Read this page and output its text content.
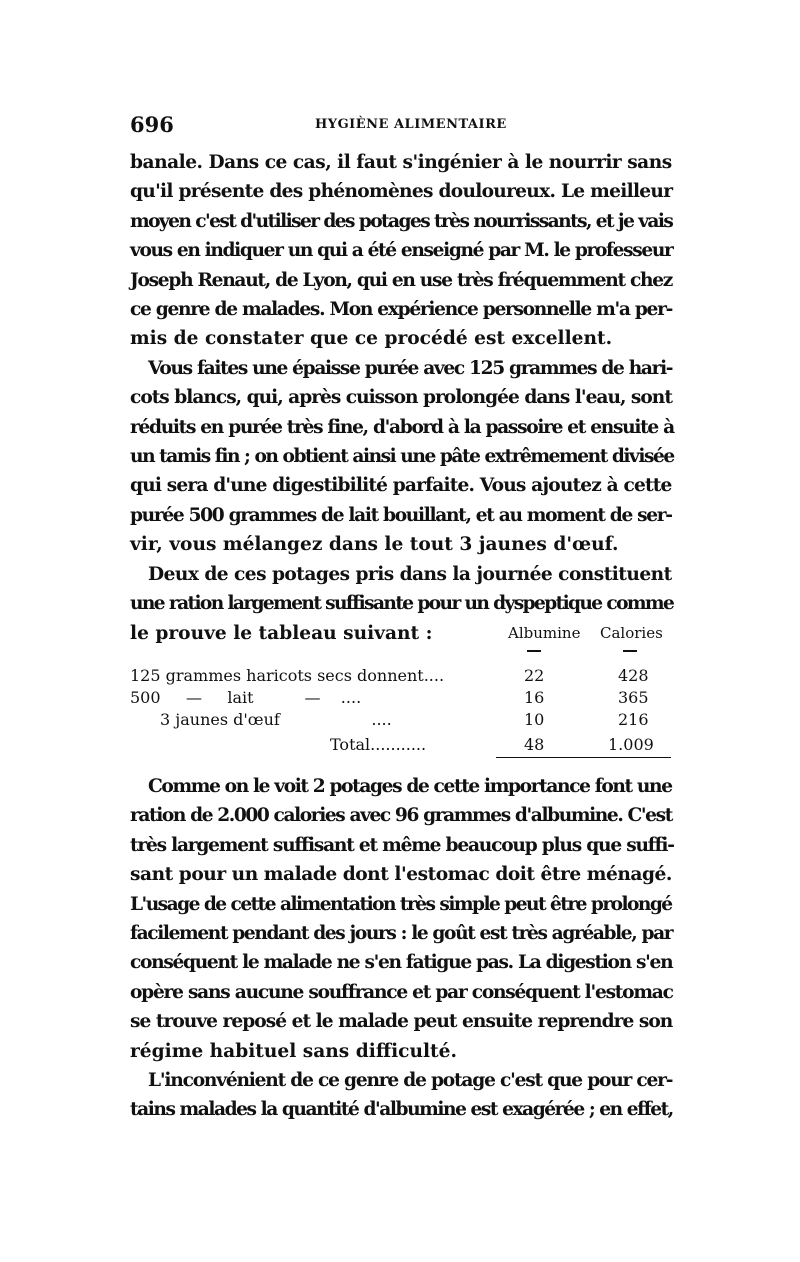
696	HYGIÈNE ALIMENTAIRE

banale. Dans ce cas, il faut s'ingénier à le nourrir sans
qu'il présente des phénomènes douloureux. Le meilleur
moyen c'est d'utiliser des potages très nourrissants, et je vais
vous en indiquer un qui a été enseigné par M. le professeur
Joseph Renaut, de Lyon, qui en use très fréquemment chez
ce genre de malades. Mon expérience personnelle m'a per-
mis de constater que ce procédé est excellent.

Vous faites une épaisse purée avec 125 grammes de hari-
cots blancs, qui, après cuisson prolongée dans l'eau, sont
réduits en purée très fine, d'abord à la passoire et ensuite à
un tamis fin ; on obtient ainsi une pâte extrêmement divisée
qui sera d'une digestibilité parfaite. Vous ajoutez à cette
purée 500 grammes de lait bouillant, et au moment de ser-
vir, vous mélangez dans le tout 3 jaunes d'œuf.

Deux de ces potages pris dans la journée constituent
une ration largement suffisante pour un dyspeptique comme
le prouve le tableau suivant :	Albumine Calories
125 grammes haricots secs donnent....	22	428
500     —     lait          —    ....	16	365
3 jaunes d'œuf                  ....	10	216
Total...........	48	1.009

Comme on le voit 2 potages de cette importance font une
ration de 2.000 calories avec 96 grammes d'albumine. C'est
très largement suffisant et même beaucoup plus que suffi-
sant pour un malade dont l'estomac doit être ménagé.
L'usage de cette alimentation très simple peut être prolongé
facilement pendant des jours : le goût est très agréable, par
conséquent le malade ne s'en fatigue pas. La digestion s'en
opère sans aucune souffrance et par conséquent l'estomac
se trouve reposé et le malade peut ensuite reprendre son
régime habituel sans difficulté.

L'inconvénient de ce genre de potage c'est que pour cer-
tains malades la quantité d'albumine est exagérée ; en effet,
